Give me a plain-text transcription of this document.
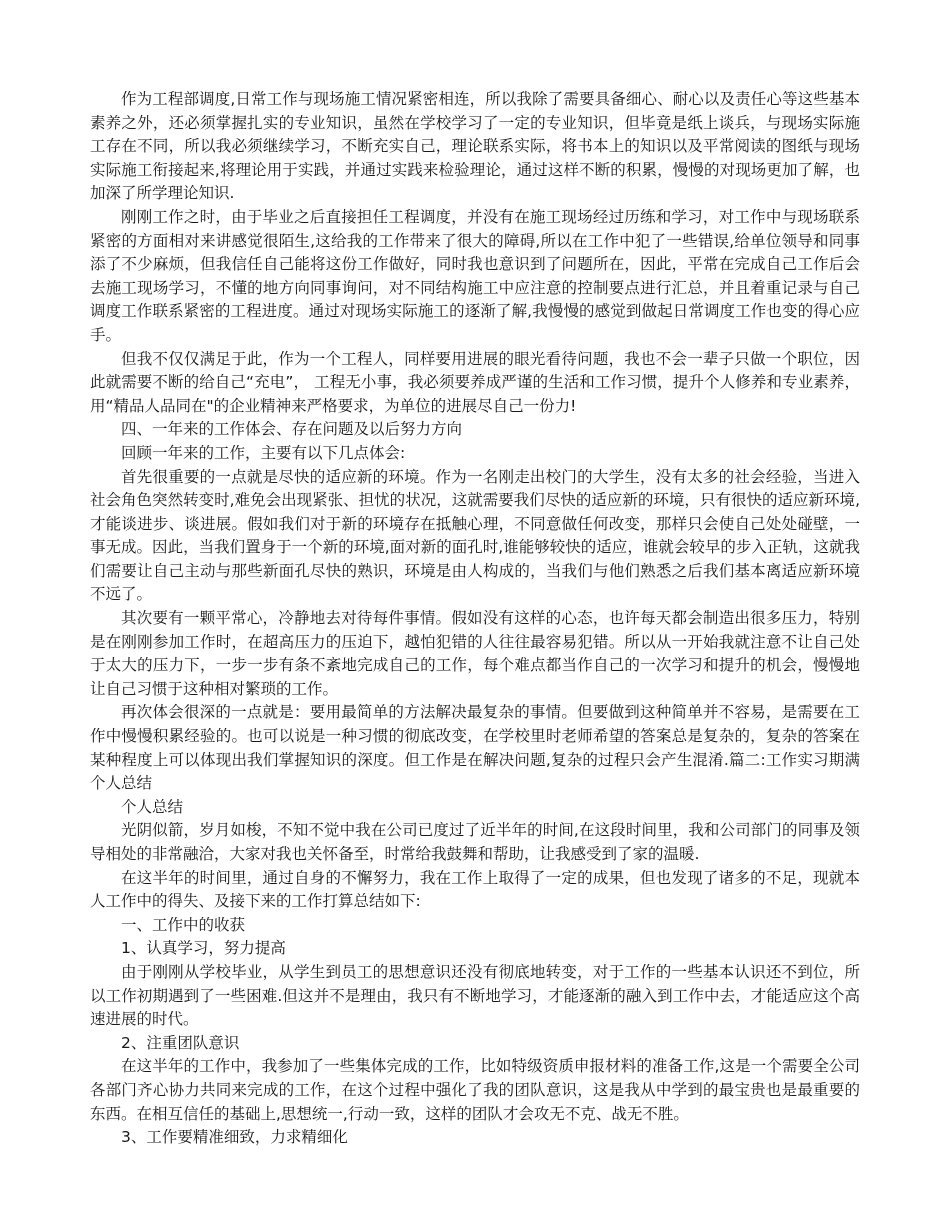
作为工程部调度,日常工作与现场施工情况紧密相连，所以我除了需要具备细心、耐心以及责任心等这些基本素养之外，还必须掌握扎实的专业知识，虽然在学校学习了一定的专业知识，但毕竟是纸上谈兵，与现场实际施工存在不同，所以我必须继续学习，不断充实自己，理论联系实际，将书本上的知识以及平常阅读的图纸与现场实际施工衔接起来,将理论用于实践，并通过实践来检验理论，通过这样不断的积累，慢慢的对现场更加了解，也加深了所学理论知识.

刚刚工作之时，由于毕业之后直接担任工程调度，并没有在施工现场经过历练和学习，对工作中与现场联系紧密的方面相对来讲感觉很陌生,这给我的工作带来了很大的障碍,所以在工作中犯了一些错误,给单位领导和同事添了不少麻烦，但我信任自己能将这份工作做好，同时我也意识到了问题所在，因此，平常在完成自己工作后会去施工现场学习，不懂的地方向同事询问，对不同结构施工中应注意的控制要点进行汇总，并且着重记录与自己调度工作联系紧密的工程进度。通过对现场实际施工的逐渐了解,我慢慢的感觉到做起日常调度工作也变的得心应手。

但我不仅仅满足于此，作为一个工程人，同样要用进展的眼光看待问题，我也不会一辈子只做一个职位，因此就需要不断的给自己“充电”， 工程无小事，我必须要养成严谨的生活和工作习惯，提升个人修养和专业素养，用“精品人品同在"的企业精神来严格要求，为单位的进展尽自己一份力!

四、一年来的工作体会、存在问题及以后努力方向

回顾一年来的工作，主要有以下几点体会:

首先很重要的一点就是尽快的适应新的环境。作为一名刚走出校门的大学生，没有太多的社会经验，当进入社会角色突然转变时,难免会出现紧张、担忧的状况，这就需要我们尽快的适应新的环境，只有很快的适应新环境,才能谈进步、谈进展。假如我们对于新的环境存在抵触心理，不同意做任何改变，那样只会使自己处处碰壁，一事无成。因此，当我们置身于一个新的环境,面对新的面孔时,谁能够较快的适应，谁就会较早的步入正轨，这就我们需要让自己主动与那些新面孔尽快的熟识，环境是由人构成的，当我们与他们熟悉之后我们基本离适应新环境不远了。

其次要有一颗平常心，冷静地去对待每件事情。假如没有这样的心态，也许每天都会制造出很多压力，特别是在刚刚参加工作时，在超高压力的压迫下，越怕犯错的人往往最容易犯错。所以从一开始我就注意不让自己处于太大的压力下，一步一步有条不紊地完成自己的工作，每个难点都当作自己的一次学习和提升的机会，慢慢地让自己习惯于这种相对繁琐的工作。

再次体会很深的一点就是：要用最简单的方法解决最复杂的事情。但要做到这种简单并不容易，是需要在工作中慢慢积累经验的。也可以说是一种习惯的彻底改变，在学校里时老师希望的答案总是复杂的，复杂的答案在某种程度上可以体现出我们掌握知识的深度。但工作是在解决问题,复杂的过程只会产生混淆.篇二:工作实习期满个人总结

个人总结

光阴似箭，岁月如梭，不知不觉中我在公司已度过了近半年的时间,在这段时间里，我和公司部门的同事及领导相处的非常融洽，大家对我也关怀备至，时常给我鼓舞和帮助，让我感受到了家的温暖.

在这半年的时间里，通过自身的不懈努力，我在工作上取得了一定的成果，但也发现了诸多的不足，现就本人工作中的得失、及接下来的工作打算总结如下:

一、工作中的收获

1、认真学习，努力提高

由于刚刚从学校毕业，从学生到员工的思想意识还没有彻底地转变，对于工作的一些基本认识还不到位，所以工作初期遇到了一些困难.但这并不是理由，我只有不断地学习，才能逐渐的融入到工作中去，才能适应这个高速进展的时代。

2、注重团队意识

在这半年的工作中，我参加了一些集体完成的工作，比如特级资质申报材料的准备工作,这是一个需要全公司各部门齐心协力共同来完成的工作，在这个过程中强化了我的团队意识，这是我从中学到的最宝贵也是最重要的东西。在相互信任的基础上,思想统一,行动一致，这样的团队才会攻无不克、战无不胜。

3、工作要精准细致，力求精细化
